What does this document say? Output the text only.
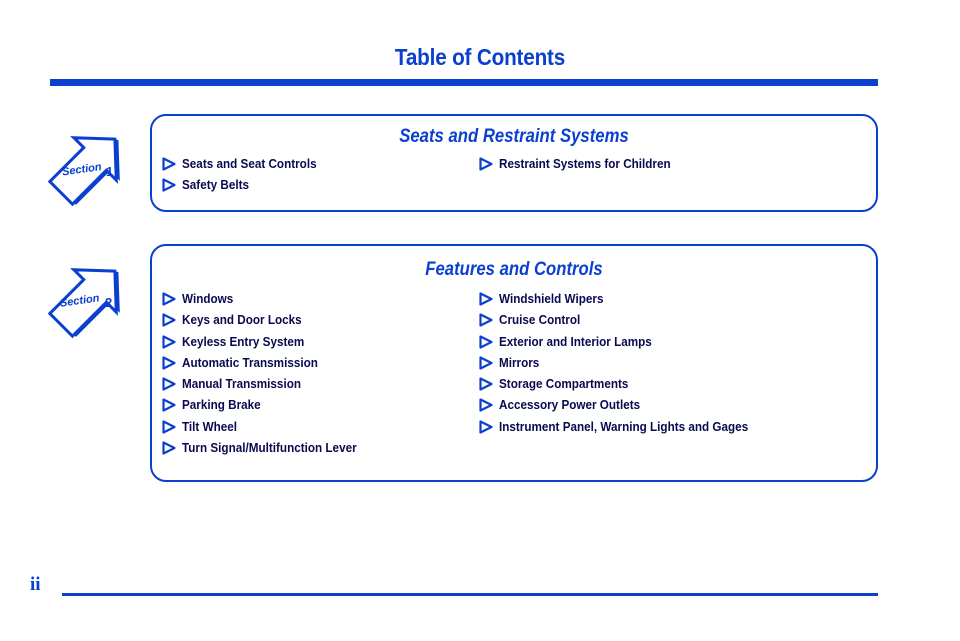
Table of Contents
Section 1
Seats and Restraint Systems
Seats and Seat Controls
Safety Belts
Restraint Systems for Children
Section 2
Features and Controls
Windows
Keys and Door Locks
Keyless Entry System
Automatic Transmission
Manual Transmission
Parking Brake
Tilt Wheel
Turn Signal/Multifunction Lever
Windshield Wipers
Cruise Control
Exterior and Interior Lamps
Mirrors
Storage Compartments
Accessory Power Outlets
Instrument Panel, Warning Lights and Gages
ii
